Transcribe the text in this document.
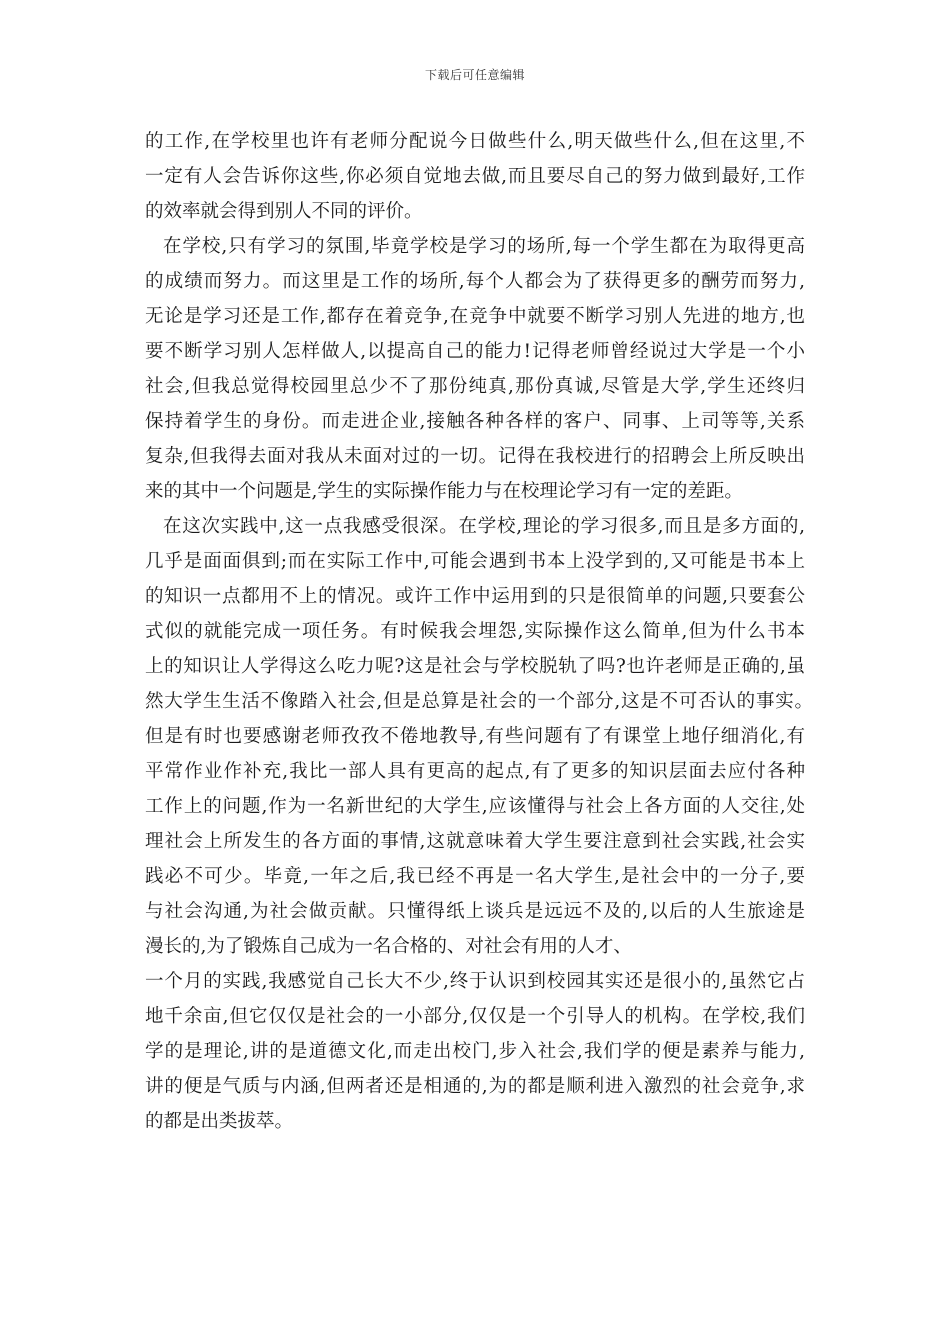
下载后可任意编辑
的工作,在学校里也许有老师分配说今日做些什么,明天做些什么,但在这里,不
一定有人会告诉你这些,你必须自觉地去做,而且要尽自己的努力做到最好,工作
的效率就会得到别人不同的评价。
在学校,只有学习的氛围,毕竟学校是学习的场所,每一个学生都在为取得更高
的成绩而努力。而这里是工作的场所,每个人都会为了获得更多的酬劳而努力,
无论是学习还是工作,都存在着竞争,在竞争中就要不断学习别人先进的地方,也
要不断学习别人怎样做人,以提高自己的能力!记得老师曾经说过大学是一个小
社会,但我总觉得校园里总少不了那份纯真,那份真诚,尽管是大学,学生还终归
保持着学生的身份。而走进企业,接触各种各样的客户、同事、上司等等,关系
复杂,但我得去面对我从未面对过的一切。记得在我校进行的招聘会上所反映出
来的其中一个问题是,学生的实际操作能力与在校理论学习有一定的差距。
在这次实践中,这一点我感受很深。在学校,理论的学习很多,而且是多方面的,
几乎是面面俱到;而在实际工作中,可能会遇到书本上没学到的,又可能是书本上
的知识一点都用不上的情况。或许工作中运用到的只是很简单的问题,只要套公
式似的就能完成一项任务。有时候我会埋怨,实际操作这么简单,但为什么书本
上的知识让人学得这么吃力呢?这是社会与学校脱轨了吗?也许老师是正确的,虽
然大学生生活不像踏入社会,但是总算是社会的一个部分,这是不可否认的事实。
但是有时也要感谢老师孜孜不倦地教导,有些问题有了有课堂上地仔细消化,有
平常作业作补充,我比一部人具有更高的起点,有了更多的知识层面去应付各种
工作上的问题,作为一名新世纪的大学生,应该懂得与社会上各方面的人交往,处
理社会上所发生的各方面的事情,这就意味着大学生要注意到社会实践,社会实
践必不可少。毕竟,一年之后,我已经不再是一名大学生,是社会中的一分子,要
与社会沟通,为社会做贡献。只懂得纸上谈兵是远远不及的,以后的人生旅途是
漫长的,为了锻炼自己成为一名合格的、对社会有用的人才、
一个月的实践,我感觉自己长大不少,终于认识到校园其实还是很小的,虽然它占
地千余亩,但它仅仅是社会的一小部分,仅仅是一个引导人的机构。在学校,我们
学的是理论,讲的是道德文化,而走出校门,步入社会,我们学的便是素养与能力,
讲的便是气质与内涵,但两者还是相通的,为的都是顺利进入激烈的社会竞争,求
的都是出类拔萃。
